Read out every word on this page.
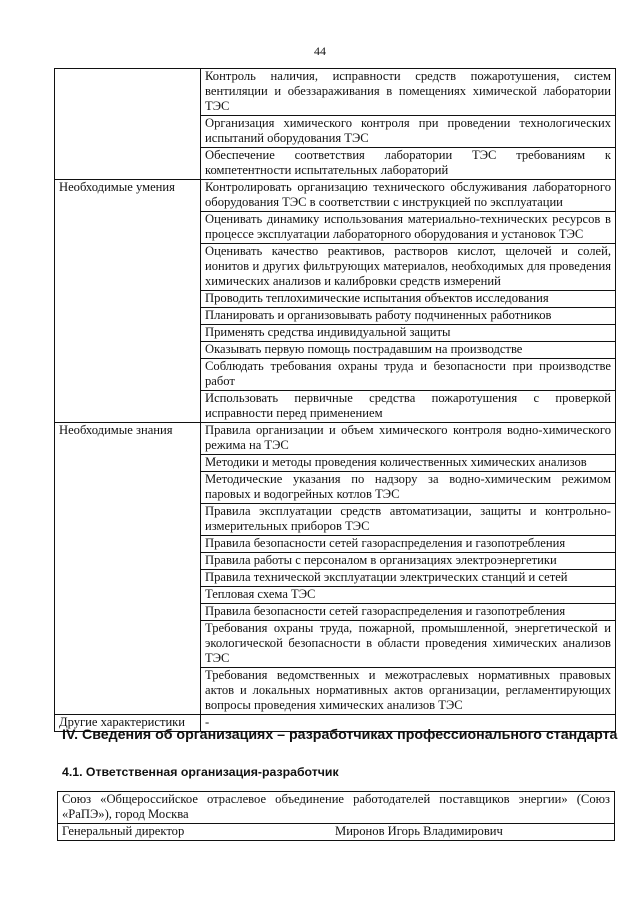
44
	Контроль наличия, исправности средств пожаротушения, систем вентиляции и обеззараживания в помещениях химической лаборатории ТЭС
	Организация химического контроля при проведении технологических испытаний оборудования ТЭС
	Обеспечение соответствия лаборатории ТЭС требованиям к компетентности испытательных лабораторий
Необходимые умения	Контролировать организацию технического обслуживания лабораторного оборудования ТЭС в соответствии с инструкцией по эксплуатации
	Оценивать динамику использования материально-технических ресурсов в процессе эксплуатации лабораторного оборудования и установок ТЭС
	Оценивать качество реактивов, растворов кислот, щелочей и солей, ионитов и других фильтрующих материалов, необходимых для проведения химических анализов и калибровки средств измерений
	Проводить теплохимические испытания объектов исследования
	Планировать и организовывать работу подчиненных работников
	Применять средства индивидуальной защиты
	Оказывать первую помощь пострадавшим на производстве
	Соблюдать требования охраны труда и безопасности при производстве работ
	Использовать первичные средства пожаротушения с проверкой исправности перед применением
Необходимые знания	Правила организации и объем химического контроля водно-химического режима на ТЭС
	Методики и методы проведения количественных химических анализов
	Методические указания по надзору за водно-химическим режимом паровых и водогрейных котлов ТЭС
	Правила эксплуатации средств автоматизации, защиты и контрольно-измерительных приборов ТЭС
	Правила безопасности сетей газораспределения и газопотребления
	Правила работы с персоналом в организациях электроэнергетики
	Правила технической эксплуатации электрических станций и сетей
	Тепловая схема ТЭС
	Правила безопасности сетей газораспределения и газопотребления
	Требования охраны труда, пожарной, промышленной, энергетической и экологической безопасности в области проведения химических анализов ТЭС
	Требования ведомственных и межотраслевых нормативных правовых актов и локальных нормативных актов организации, регламентирующих вопросы проведения химических анализов ТЭС
Другие характеристики	-
IV. Сведения об организациях – разработчиках профессионального стандарта
4.1. Ответственная организация-разработчик
Союз «Общероссийское отраслевое объединение работодателей поставщиков энергии» (Союз «РаПЭ»), город Москва

Генеральный директор	Миронов Игорь Владимирович
